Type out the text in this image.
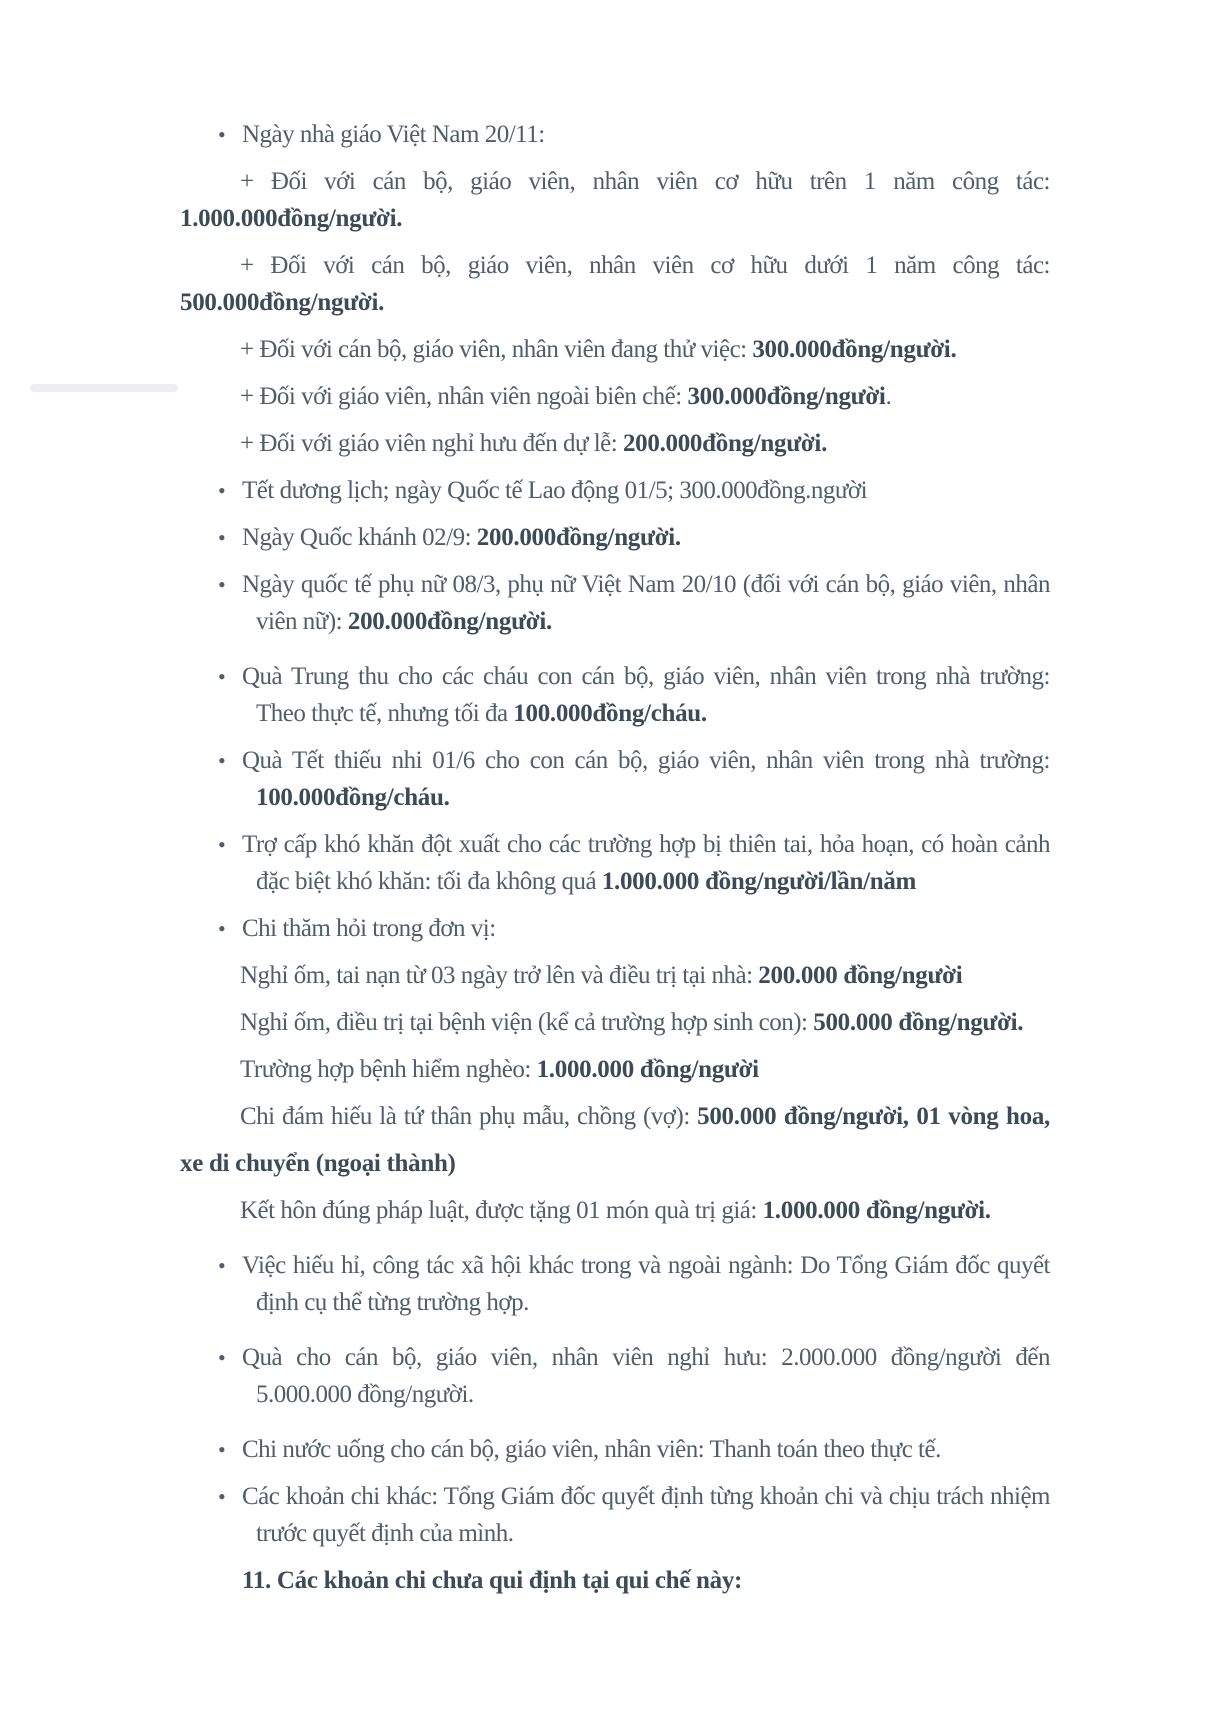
• Ngày nhà giáo Việt Nam 20/11:
+ Đối với cán bộ, giáo viên, nhân viên cơ hữu trên 1 năm công tác:
1.000.000đồng/người.
+ Đối với cán bộ, giáo viên, nhân viên cơ hữu dưới 1 năm công tác:
500.000đồng/người.
+ Đối với cán bộ, giáo viên, nhân viên đang thử việc: 300.000đồng/người.
+ Đối với giáo viên, nhân viên ngoài biên chế: 300.000đồng/người.
+ Đối với giáo viên nghỉ hưu đến dự lễ: 200.000đồng/người.
• Tết dương lịch; ngày Quốc tế Lao động 01/5; 300.000đồng.người
• Ngày Quốc khánh 02/9: 200.000đồng/người.
• Ngày quốc tế phụ nữ 08/3, phụ nữ Việt Nam 20/10 (đối với cán bộ, giáo viên, nhân
viên nữ): 200.000đồng/người.
• Quà Trung thu cho các cháu con cán bộ, giáo viên, nhân viên trong nhà trường:
Theo thực tế, nhưng tối đa 100.000đồng/cháu.
• Quà Tết thiếu nhi 01/6 cho con cán bộ, giáo viên, nhân viên trong nhà trường:
100.000đồng/cháu.
• Trợ cấp khó khăn đột xuất cho các trường hợp bị thiên tai, hỏa hoạn, có hoàn cảnh
đặc biệt khó khăn: tối đa không quá 1.000.000 đồng/người/lần/năm
• Chi thăm hỏi trong đơn vị:
Nghỉ ốm, tai nạn từ 03 ngày trở lên và điều trị tại nhà: 200.000 đồng/người
Nghỉ ốm, điều trị tại bệnh viện (kể cả trường hợp sinh con): 500.000 đồng/người.
Trường hợp bệnh hiểm nghèo: 1.000.000 đồng/người
Chi đám hiếu là tứ thân phụ mẫu, chồng (vợ): 500.000 đồng/người, 01 vòng hoa,
xe di chuyển (ngoại thành)
Kết hôn đúng pháp luật, được tặng 01 món quà trị giá: 1.000.000 đồng/người.
• Việc hiếu hỉ, công tác xã hội khác trong và ngoài ngành: Do Tổng Giám đốc quyết
định cụ thể từng trường hợp.
• Quà cho cán bộ, giáo viên, nhân viên nghỉ hưu: 2.000.000 đồng/người đến
5.000.000 đồng/người.
• Chi nước uống cho cán bộ, giáo viên, nhân viên: Thanh toán theo thực tế.
• Các khoản chi khác: Tổng Giám đốc quyết định từng khoản chi và chịu trách nhiệm
trước quyết định của mình.
11. Các khoản chi chưa qui định tại qui chế này:
